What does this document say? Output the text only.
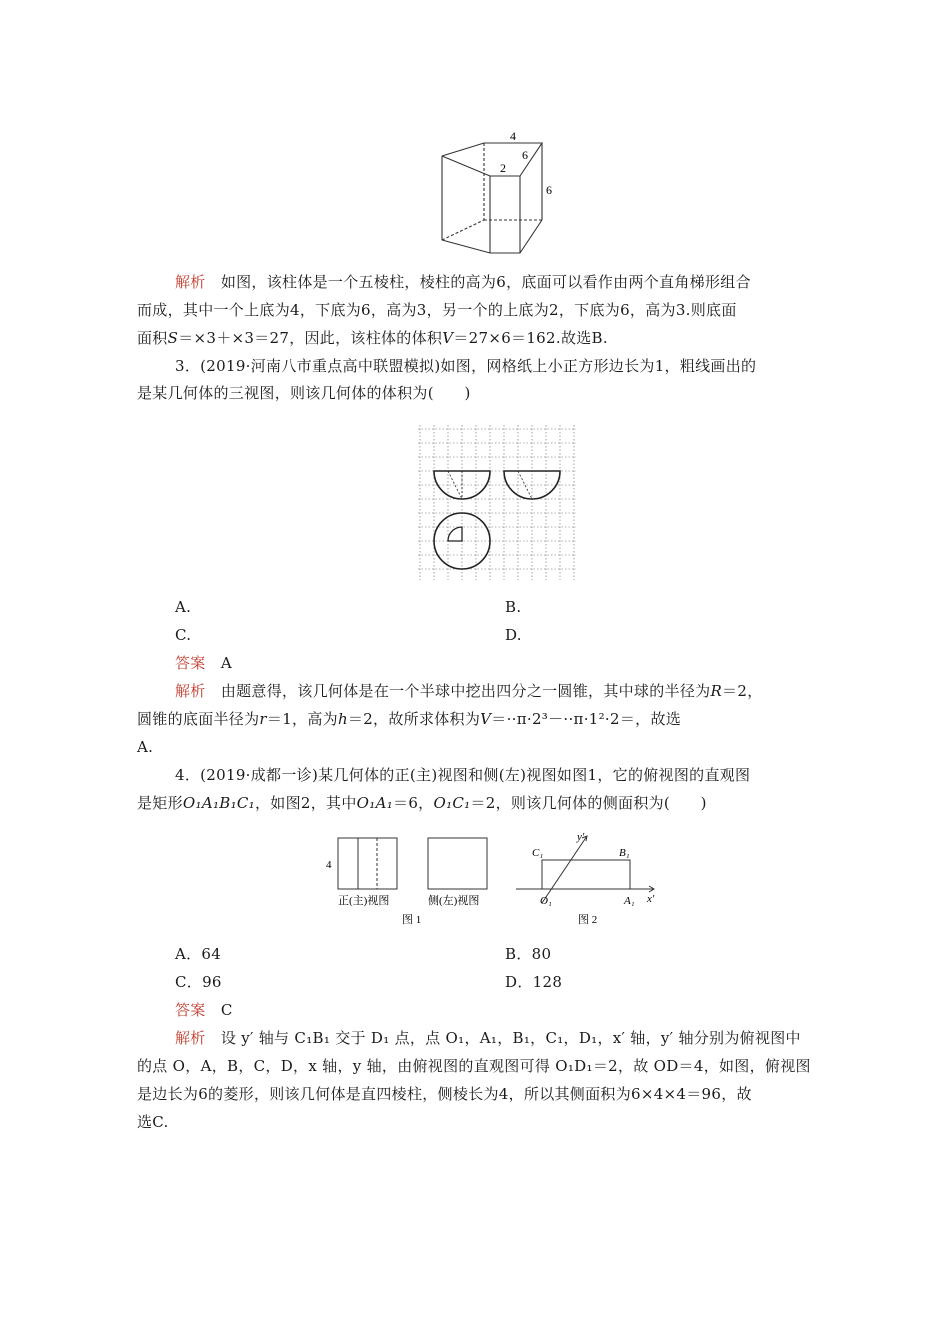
4
6
2
6
解析 如图，该柱体是一个五棱柱，棱柱的高为6，底面可以看作由两个直角梯形组合
而成，其中一个上底为4，下底为6，高为3，另一个的上底为2，下底为6，高为3.则底面
面积S＝×3＋×3＝27，因此，该柱体的体积V＝27×6＝162.故选B.
3．(2019·河南八市重点高中联盟模拟)如图，网格纸上小正方形边长为1，粗线画出的
是某几何体的三视图，则该几何体的体积为(　　)
A.	B.
C.	D.
答案 A
解析 由题意得，该几何体是在一个半球中挖出四分之一圆锥，其中球的半径为R＝2，
圆锥的底面半径为r＝1，高为h＝2，故所求体积为V＝··π·2³－··π·1²·2＝，故选
A.
4．(2019·成都一诊)某几何体的正(主)视图和侧(左)视图如图1，它的俯视图的直观图
是矩形O₁A₁B₁C₁，如图2，其中O₁A₁＝6，O₁C₁＝2，则该几何体的侧面积为(　　)
4
正(主)视图	侧(左)视图
图 1	图 2
C₁	B₁
O₁	A₁ x′
y′
A．64	B．80
C．96	D．128
答案 C
解析 设 y′ 轴与 C₁B₁ 交于 D₁ 点，点 O₁，A₁，B₁，C₁，D₁，x′ 轴，y′ 轴分别为俯视图中
的点 O，A，B，C，D，x 轴，y 轴，由俯视图的直观图可得 O₁D₁＝2，故 OD＝4，如图，俯视图
是边长为6的菱形，则该几何体是直四棱柱，侧棱长为4，所以其侧面积为6×4×4＝96，故
选C.
